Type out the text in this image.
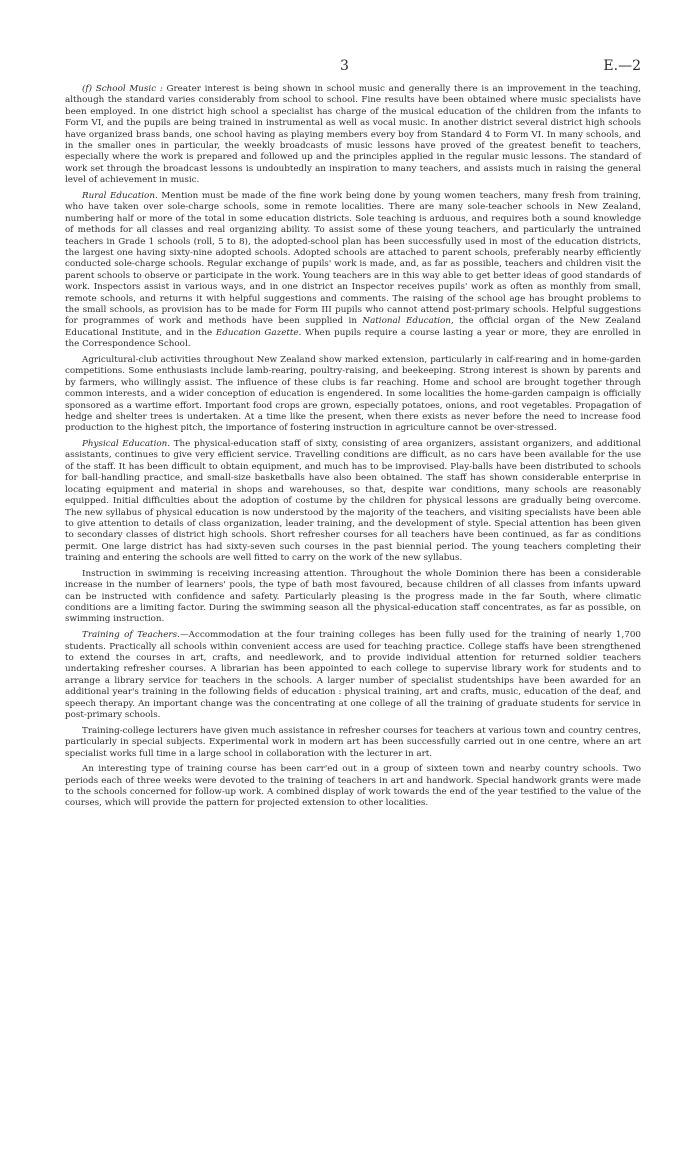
3	E.—2

(f) School Music : Greater interest is being shown in school music and generally there is an improvement in the teaching, although the standard varies considerably from school to school. Fine results have been obtained where music specialists have been employed. In one district high school a specialist has charge of the musical education of the children from the infants to Form VI, and the pupils are being trained in instrumental as well as vocal music. In another district several district high schools have organized brass bands, one school having as playing members every boy from Standard 4 to Form VI. In many schools, and in the smaller ones in particular, the weekly broadcasts of music lessons have proved of the greatest benefit to teachers, especially where the work is prepared and followed up and the principles applied in the regular music lessons. The standard of work set through the broadcast lessons is undoubtedly an inspiration to many teachers, and assists much in raising the general level of achievement in music.

Rural Education. Mention must be made of the fine work being done by young women teachers, many fresh from training, who have taken over sole-charge schools, some in remote localities. There are many sole-teacher schools in New Zealand, numbering half or more of the total in some education districts. Sole teaching is arduous, and requires both a sound knowledge of methods for all classes and real organizing ability. To assist some of these young teachers, and particularly the untrained teachers in Grade 1 schools (roll, 5 to 8), the adopted-school plan has been successfully used in most of the education districts, the largest one having sixty-nine adopted schools. Adopted schools are attached to parent schools, preferably nearby efficiently conducted sole-charge schools. Regular exchange of pupils' work is made, and, as far as possible, teachers and children visit the parent schools to observe or participate in the work. Young teachers are in this way able to get better ideas of good standards of work. Inspectors assist in various ways, and in one district an Inspector receives pupils' work as often as monthly from small, remote schools, and returns it with helpful suggestions and comments. The raising of the school age has brought problems to the small schools, as provision has to be made for Form III pupils who cannot attend post-primary schools. Helpful suggestions for programmes of work and methods have been supplied in National Education, the official organ of the New Zealand Educational Institute, and in the Education Gazette. When pupils require a course lasting a year or more, they are enrolled in the Correspondence School.

Agricultural-club activities throughout New Zealand show marked extension, particularly in calf-rearing and in home-garden competitions. Some enthusiasts include lamb-rearing, poultry-raising, and beekeeping. Strong interest is shown by parents and by farmers, who willingly assist. The influence of these clubs is far reaching. Home and school are brought together through common interests, and a wider conception of education is engendered. In some localities the home-garden campaign is officially sponsored as a wartime effort. Important food crops are grown, especially potatoes, onions, and root vegetables. Propagation of hedge and shelter trees is undertaken. At a time like the present, when there exists as never before the need to increase food production to the highest pitch, the importance of fostering instruction in agriculture cannot be over-stressed.

Physical Education. The physical-education staff of sixty, consisting of area organizers, assistant organizers, and additional assistants, continues to give very efficient service. Travelling conditions are difficult, as no cars have been available for the use of the staff. It has been difficult to obtain equipment, and much has to be improvised. Play-balls have been distributed to schools for ball-handling practice, and small-size basketballs have also been obtained. The staff has shown considerable enterprise in locating equipment and material in shops and warehouses, so that, despite war conditions, many schools are reasonably equipped. Initial difficulties about the adoption of costume by the children for physical lessons are gradually being overcome. The new syllabus of physical education is now understood by the majority of the teachers, and visiting specialists have been able to give attention to details of class organization, leader training, and the development of style. Special attention has been given to secondary classes of district high schools. Short refresher courses for all teachers have been continued, as far as conditions permit. One large district has had sixty-seven such courses in the past biennial period. The young teachers completing their training and entering the schools are well fitted to carry on the work of the new syllabus.

Instruction in swimming is receiving increasing attention. Throughout the whole Dominion there has been a considerable increase in the number of learners' pools, the type of bath most favoured, because children of all classes from infants upward can be instructed with confidence and safety. Particularly pleasing is the progress made in the far South, where climatic conditions are a limiting factor. During the swimming season all the physical-education staff concentrates, as far as possible, on swimming instruction.

Training of Teachers.—Accommodation at the four training colleges has been fully used for the training of nearly 1,700 students. Practically all schools within convenient access are used for teaching practice. College staffs have been strengthened to extend the courses in art, crafts, and needlework, and to provide individual attention for returned soldier teachers undertaking refresher courses. A librarian has been appointed to each college to supervise library work for students and to arrange a library service for teachers in the schools. A larger number of specialist studentships have been awarded for an additional year's training in the following fields of education : physical training, art and crafts, music, education of the deaf, and speech therapy. An important change was the concentrating at one college of all the training of graduate students for service in post-primary schools.

Training-college lecturers have given much assistance in refresher courses for teachers at various town and country centres, particularly in special subjects. Experimental work in modern art has been successfully carried out in one centre, where an art specialist works full time in a large school in collaboration with the lecturer in art.

An interesting type of training course has been carr'ed out in a group of sixteen town and nearby country schools. Two periods each of three weeks were devoted to the training of teachers in art and handwork. Special handwork grants were made to the schools concerned for follow-up work. A combined display of work towards the end of the year testified to the value of the courses, which will provide the pattern for projected extension to other localities.
